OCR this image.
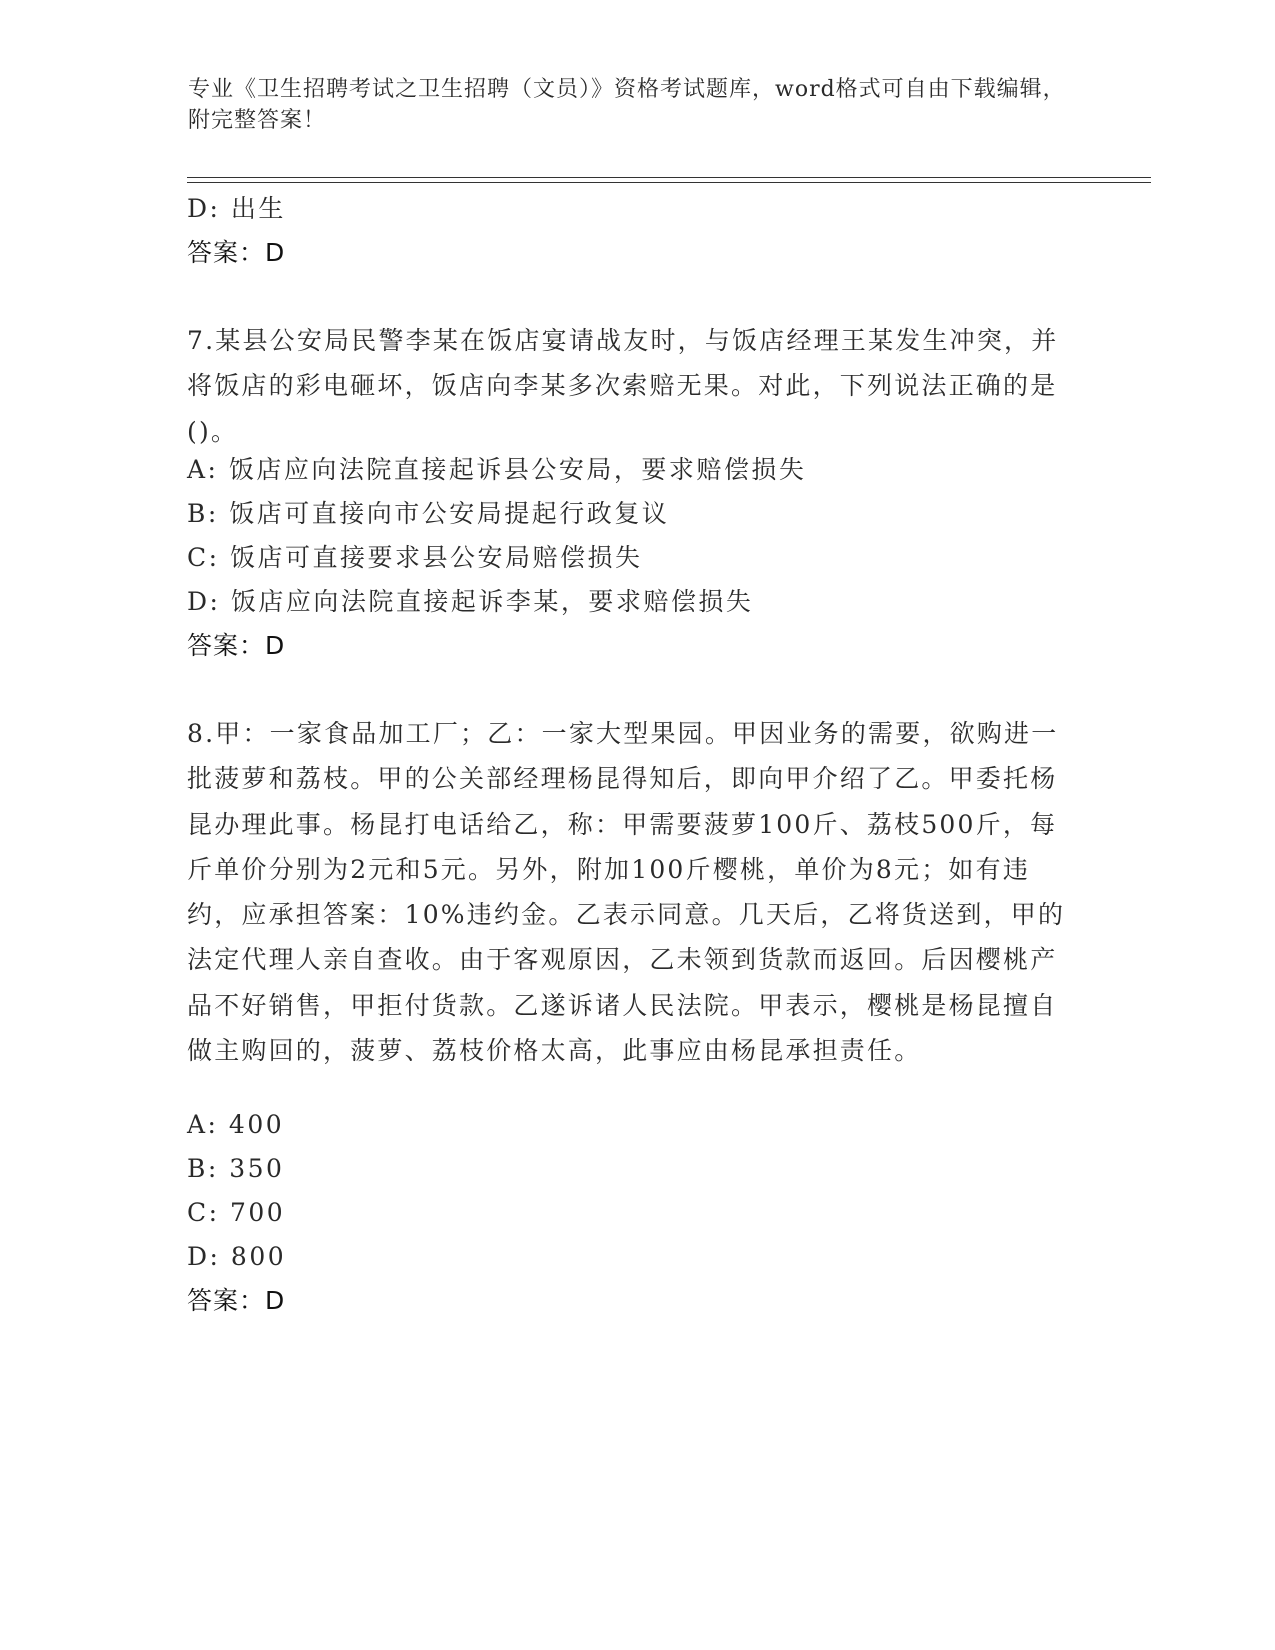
专业《卫生招聘考试之卫生招聘（文员）》资格考试题库，word格式可自由下载编辑，附完整答案！
D: 出生
答案：D
7.某县公安局民警李某在饭店宴请战友时，与饭店经理王某发生冲突，并将饭店的彩电砸坏，饭店向李某多次索赔无果。对此，下列说法正确的是()。
A: 饭店应向法院直接起诉县公安局，要求赔偿损失
B: 饭店可直接向市公安局提起行政复议
C: 饭店可直接要求县公安局赔偿损失
D: 饭店应向法院直接起诉李某，要求赔偿损失
答案：D
8.甲：一家食品加工厂；乙：一家大型果园。甲因业务的需要，欲购进一批菠萝和荔枝。甲的公关部经理杨昆得知后，即向甲介绍了乙。甲委托杨昆办理此事。杨昆打电话给乙，称：甲需要菠萝100斤、荔枝500斤，每斤单价分别为2元和5元。另外，附加100斤樱桃，单价为8元；如有违约，应承担答案：10%违约金。乙表示同意。几天后，乙将货送到，甲的法定代理人亲自查收。由于客观原因，乙未领到货款而返回。后因樱桃产品不好销售，甲拒付货款。乙遂诉诸人民法院。甲表示，樱桃是杨昆擅自做主购回的，菠萝、荔枝价格太高，此事应由杨昆承担责任。
A: 400
B: 350
C: 700
D: 800
答案：D
